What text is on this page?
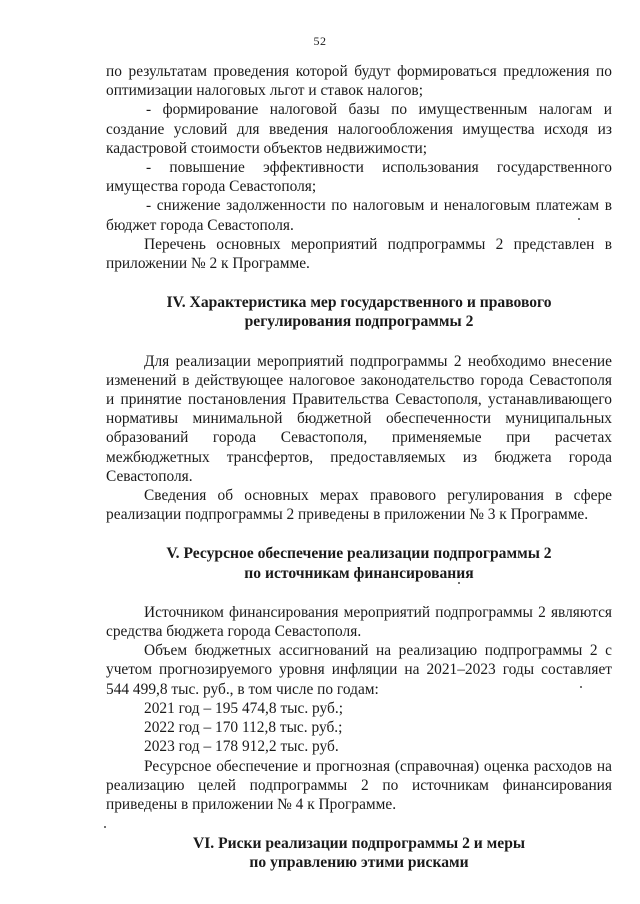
52

по результатам проведения которой будут формироваться предложения по оптимизации налоговых льгот и ставок налогов;

- формирование налоговой базы по имущественным налогам и создание условий для введения налогообложения имущества исходя из кадастровой стоимости объектов недвижимости;

- повышение эффективности использования государственного имущества города Севастополя;

- снижение задолженности по налоговым и неналоговым платежам в бюджет города Севастополя.

Перечень основных мероприятий подпрограммы 2 представлен в приложении № 2 к Программе.

IV. Характеристика мер государственного и правового
регулирования подпрограммы 2

Для реализации мероприятий подпрограммы 2 необходимо внесение изменений в действующее налоговое законодательство города Севастополя и принятие постановления Правительства Севастополя, устанавливающего нормативы минимальной бюджетной обеспеченности муниципальных образований города Севастополя, применяемые при расчетах межбюджетных трансфертов, предоставляемых из бюджета города Севастополя.

Сведения об основных мерах правового регулирования в сфере реализации подпрограммы 2 приведены в приложении № 3 к Программе.

V. Ресурсное обеспечение реализации подпрограммы 2
по источникам финансирования

Источником финансирования мероприятий подпрограммы 2 являются средства бюджета города Севастополя.

Объем бюджетных ассигнований на реализацию подпрограммы 2 с учетом прогнозируемого уровня инфляции на 2021–2023 годы составляет 544 499,8 тыс. руб., в том числе по годам:

2021 год – 195 474,8 тыс. руб.;

2022 год – 170 112,8 тыс. руб.;

2023 год – 178 912,2 тыс. руб.

Ресурсное обеспечение и прогнозная (справочная) оценка расходов на реализацию целей подпрограммы 2 по источникам финансирования приведены в приложении № 4 к Программе.

VI. Риски реализации подпрограммы 2 и меры
по управлению этими рисками
